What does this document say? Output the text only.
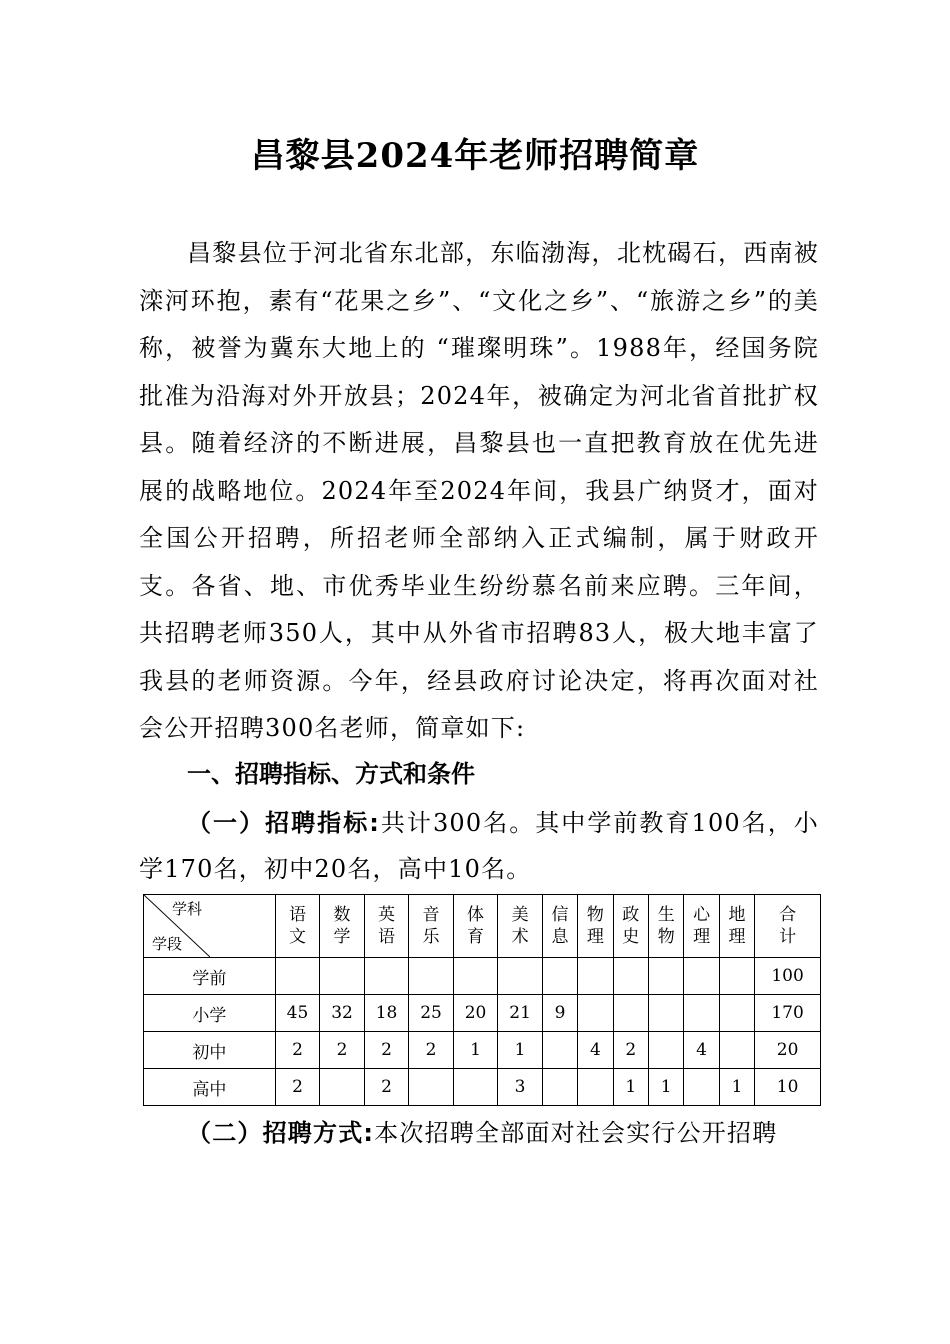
昌黎县2024年老师招聘简章
昌黎县位于河北省东北部，东临渤海，北枕碣石，西南被滦河环抱，素有“花果之乡”、“文化之乡”、“旅游之乡”的美称，被誉为冀东大地上的 “璀璨明珠”。1988年，经国务院批准为沿海对外开放县；2024年，被确定为河北省首批扩权县。随着经济的不断进展，昌黎县也一直把教育放在优先进展的战略地位。2024年至2024年间，我县广纳贤才，面对全国公开招聘，所招老师全部纳入正式编制，属于财政开支。各省、地、市优秀毕业生纷纷慕名前来应聘。三年间，共招聘老师350人，其中从外省市招聘83人，极大地丰富了我县的老师资源。今年，经县政府讨论决定，将再次面对社会公开招聘300名老师，简章如下:
一、招聘指标、方式和条件
（一）招聘指标:共计300名。其中学前教育100名，小学170名，初中20名，高中10名。
学科
学段	语文	数学	英语	音乐	体育	美术	信息	物理	政史	生物	心理	地理	合计
学前													100
小学	45	32	18	25	20	21	9						170
初中	2	2	2	2	1	1		4	2		4		20
高中	2		2			3			1	1		1	10
（二）招聘方式:本次招聘全部面对社会实行公开招聘
